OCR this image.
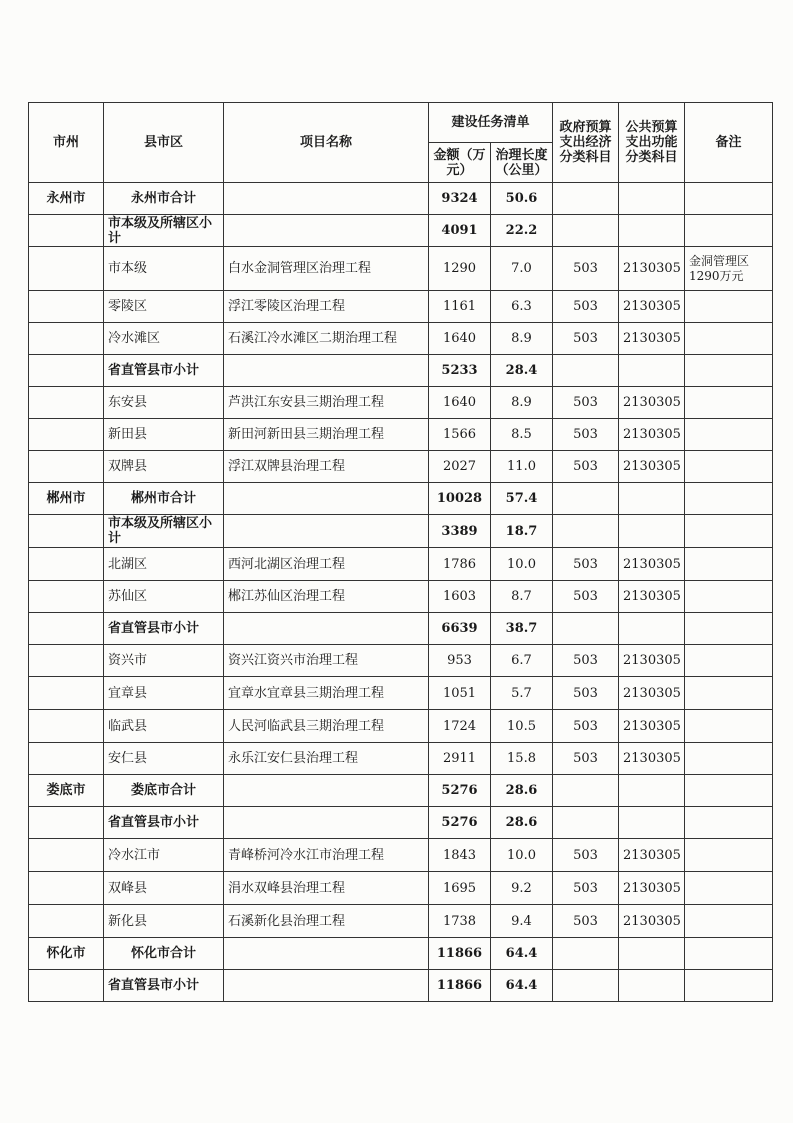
市州	县市区	项目名称	建设任务清单		政府预算支出经济分类科目	公共预算支出功能分类科目	备注
			金额（万元）	治理长度（公里）			
永州市	永州市合计		9324	50.6			
	市本级及所辖区小计		4091	22.2			
	市本级	白水金洞管理区治理工程	1290	7.0	503	2130305	金洞管理区1290万元
	零陵区	浮江零陵区治理工程	1161	6.3	503	2130305	
	冷水滩区	石溪江冷水滩区二期治理工程	1640	8.9	503	2130305	
	省直管县市小计		5233	28.4			
	东安县	芦洪江东安县三期治理工程	1640	8.9	503	2130305	
	新田县	新田河新田县三期治理工程	1566	8.5	503	2130305	
	双牌县	浮江双牌县治理工程	2027	11.0	503	2130305	
郴州市	郴州市合计		10028	57.4			
	市本级及所辖区小计		3389	18.7			
	北湖区	西河北湖区治理工程	1786	10.0	503	2130305	
	苏仙区	郴江苏仙区治理工程	1603	8.7	503	2130305	
	省直管县市小计		6639	38.7			
	资兴市	资兴江资兴市治理工程	953	6.7	503	2130305	
	宜章县	宜章水宜章县三期治理工程	1051	5.7	503	2130305	
	临武县	人民河临武县三期治理工程	1724	10.5	503	2130305	
	安仁县	永乐江安仁县治理工程	2911	15.8	503	2130305	
娄底市	娄底市合计		5276	28.6			
	省直管县市小计		5276	28.6			
	冷水江市	青峰桥河冷水江市治理工程	1843	10.0	503	2130305	
	双峰县	涓水双峰县治理工程	1695	9.2	503	2130305	
	新化县	石溪新化县治理工程	1738	9.4	503	2130305	
怀化市	怀化市合计		11866	64.4			
	省直管县市小计		11866	64.4			
